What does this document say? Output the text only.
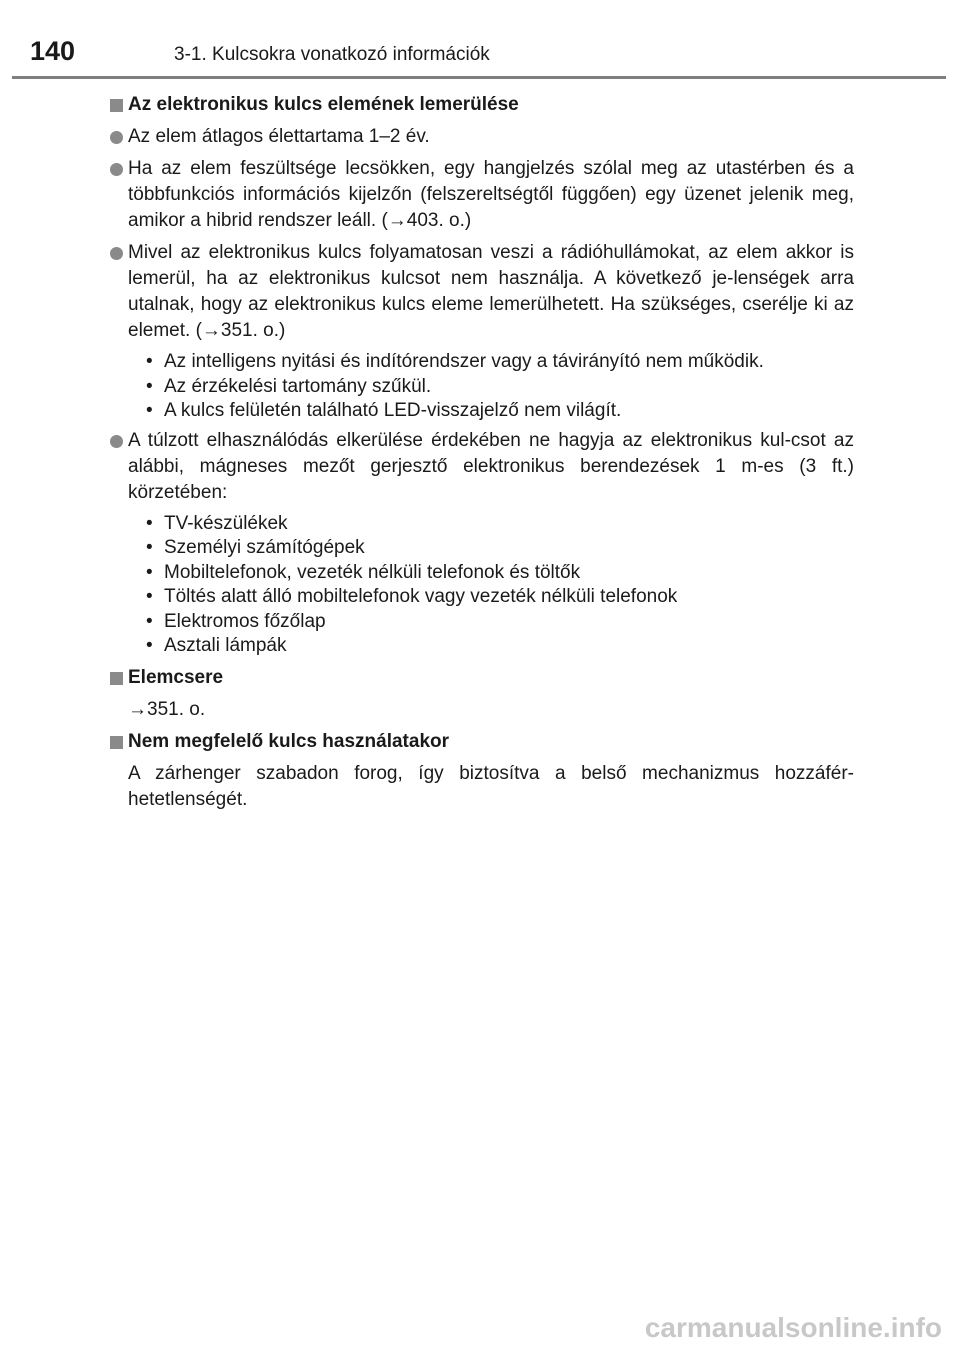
140	3-1. Kulcsokra vonatkozó információk
Az elektronikus kulcs elemének lemerülése
Az elem átlagos élettartama 1–2 év.
Ha az elem feszültsége lecsökken, egy hangjelzés szólal meg az utastérben és a többfunkciós információs kijelzőn (felszereltségtől függően) egy üzenet jelenik meg, amikor a hibrid rendszer leáll. (→403. o.)
Mivel az elektronikus kulcs folyamatosan veszi a rádióhullámokat, az elem akkor is lemerül, ha az elektronikus kulcsot nem használja. A következő je-lenségek arra utalnak, hogy az elektronikus kulcs eleme lemerülhetett. Ha szükséges, cserélje ki az elemet. (→351. o.)
• Az intelligens nyitási és indítórendszer vagy a távirányító nem működik.
• Az érzékelési tartomány szűkül.
• A kulcs felületén található LED-visszajelző nem világít.
A túlzott elhasználódás elkerülése érdekében ne hagyja az elektronikus kul-csot az alábbi, mágneses mezőt gerjesztő elektronikus berendezések 1 m-es (3 ft.) körzetében:
• TV-készülékek
• Személyi számítógépek
• Mobiltelefonok, vezeték nélküli telefonok és töltők
• Töltés alatt álló mobiltelefonok vagy vezeték nélküli telefonok
• Elektromos főzőlap
• Asztali lámpák
Elemcsere
→351. o.
Nem megfelelő kulcs használatakor
A zárhenger szabadon forog, így biztosítva a belső mechanizmus hozzáfér-hetetlenségét.
carmanualsonline.info
